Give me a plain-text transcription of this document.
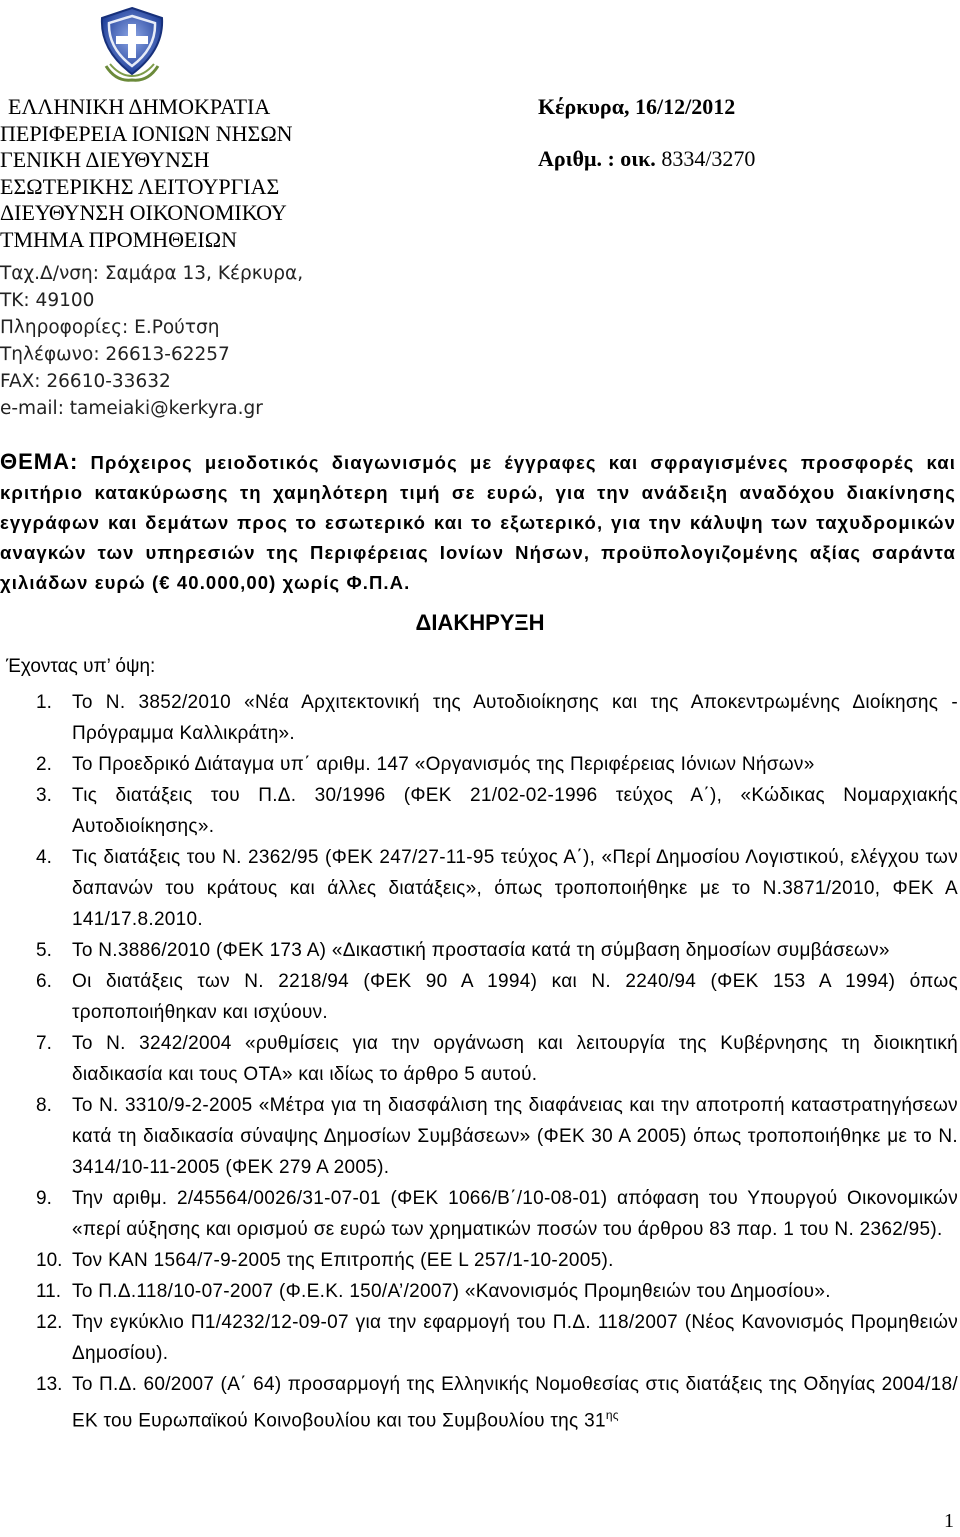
ΕΛΛΗΝΙΚΗ ΔΗΜΟΚΡΑΤΙΑ
ΠΕΡΙΦΕΡΕΙΑ ΙΟΝΙΩΝ ΝΗΣΩΝ
ΓΕΝΙΚΗ ΔΙΕΥΘΥΝΣΗ
ΕΣΩΤΕΡΙΚΗΣ ΛΕΙΤΟΥΡΓΙΑΣ
ΔΙΕΥΘΥΝΣΗ ΟΙΚΟΝΟΜΙΚΟΥ
ΤΜΗΜΑ ΠΡΟΜΗΘΕΙΩΝ
Κέρκυρα, 16/12/2012
Αριθμ. : οικ. 8334/3270
Ταχ.Δ/νση: Σαμάρα 13, Κέρκυρα,
ΤΚ: 49100
Πληροφορίες: Ε.Ρούτση
Τηλέφωνο: 26613-62257
FAX: 26610-33632
e-mail: tameiaki@kerkyra.gr
ΘΕΜΑ: Πρόχειρος μειοδοτικός διαγωνισμός με έγγραφες και σφραγισμένες προσφορές και κριτήριο κατακύρωσης τη χαμηλότερη τιμή σε ευρώ, για την ανάδειξη αναδόχου διακίνησης εγγράφων και δεμάτων προς το εσωτερικό και το εξωτερικό, για την κάλυψη των ταχυδρομικών αναγκών των υπηρεσιών της Περιφέρειας Ιονίων Νήσων, προϋπολογιζομένης αξίας σαράντα χιλιάδων ευρώ (€ 40.000,00) χωρίς Φ.Π.Α.
ΔΙΑΚΗΡΥΞΗ
Έχοντας υπ’ όψη:
1.	Το Ν. 3852/2010 «Νέα Αρχιτεκτονική της Αυτοδιοίκησης και της Αποκεντρωμένης Διοίκησης - Πρόγραμμα Καλλικράτη».
2.	Το Προεδρικό Διάταγμα υπ΄ αριθμ. 147 «Οργανισμός της Περιφέρειας Ιόνιων Νήσων»
3.	Τις διατάξεις του Π.Δ. 30/1996 (ΦΕΚ 21/02-02-1996 τεύχος Α΄), «Κώδικας Νομαρχιακής Αυτοδιοίκησης».
4.	Τις διατάξεις του Ν. 2362/95 (ΦΕΚ 247/27-11-95 τεύχος Α΄), «Περί Δημοσίου Λογιστικού, ελέγχου των δαπανών του κράτους και άλλες διατάξεις», όπως τροποποιήθηκε με το Ν.3871/2010, ΦΕΚ Α 141/17.8.2010.
5.	Το Ν.3886/2010 (ΦΕΚ 173 Α) «Δικαστική προστασία κατά τη σύμβαση δημοσίων συμβάσεων»
6.	Οι διατάξεις των Ν. 2218/94 (ΦΕΚ 90 Α 1994) και Ν. 2240/94 (ΦΕΚ 153 Α 1994) όπως τροποποιήθηκαν και ισχύουν.
7.	Το Ν. 3242/2004 «ρυθμίσεις για την οργάνωση και λειτουργία της Κυβέρνησης τη διοικητική διαδικασία και τους ΟΤΑ» και ιδίως το άρθρο 5 αυτού.
8.	Το Ν. 3310/9-2-2005 «Μέτρα για τη διασφάλιση της διαφάνειας και την αποτροπή καταστρατηγήσεων κατά τη διαδικασία σύναψης Δημοσίων Συμβάσεων» (ΦΕΚ 30 Α 2005) όπως τροποποιήθηκε με το Ν. 3414/10-11-2005 (ΦΕΚ 279 Α 2005).
9.	Την αριθμ. 2/45564/0026/31-07-01 (ΦΕΚ 1066/Β΄/10-08-01) απόφαση του Υπουργού Οικονομικών «περί αύξησης και ορισμού σε ευρώ των χρηματικών ποσών του άρθρου 83 παρ. 1 του Ν. 2362/95).
10. Τον ΚΑΝ 1564/7-9-2005 της Επιτροπής (ΕΕ L 257/1-10-2005).
11. Το Π.Δ.118/10-07-2007 (Φ.Ε.Κ. 150/Α’/2007) «Κανονισμός Προμηθειών του Δημοσίου».
12. Την εγκύκλιο Π1/4232/12-09-07 για την εφαρμογή του Π.Δ. 118/2007 (Νέος Κανονισμός Προμηθειών Δημοσίου).
13. Το Π.Δ. 60/2007 (Α΄ 64) προσαρμογή της Ελληνικής Νομοθεσίας στις διατάξεις της Οδηγίας 2004/18/ΕΚ του Ευρωπαϊκού Κοινοβουλίου και του Συμβουλίου της $31^{\eta\varsigma}$
1
